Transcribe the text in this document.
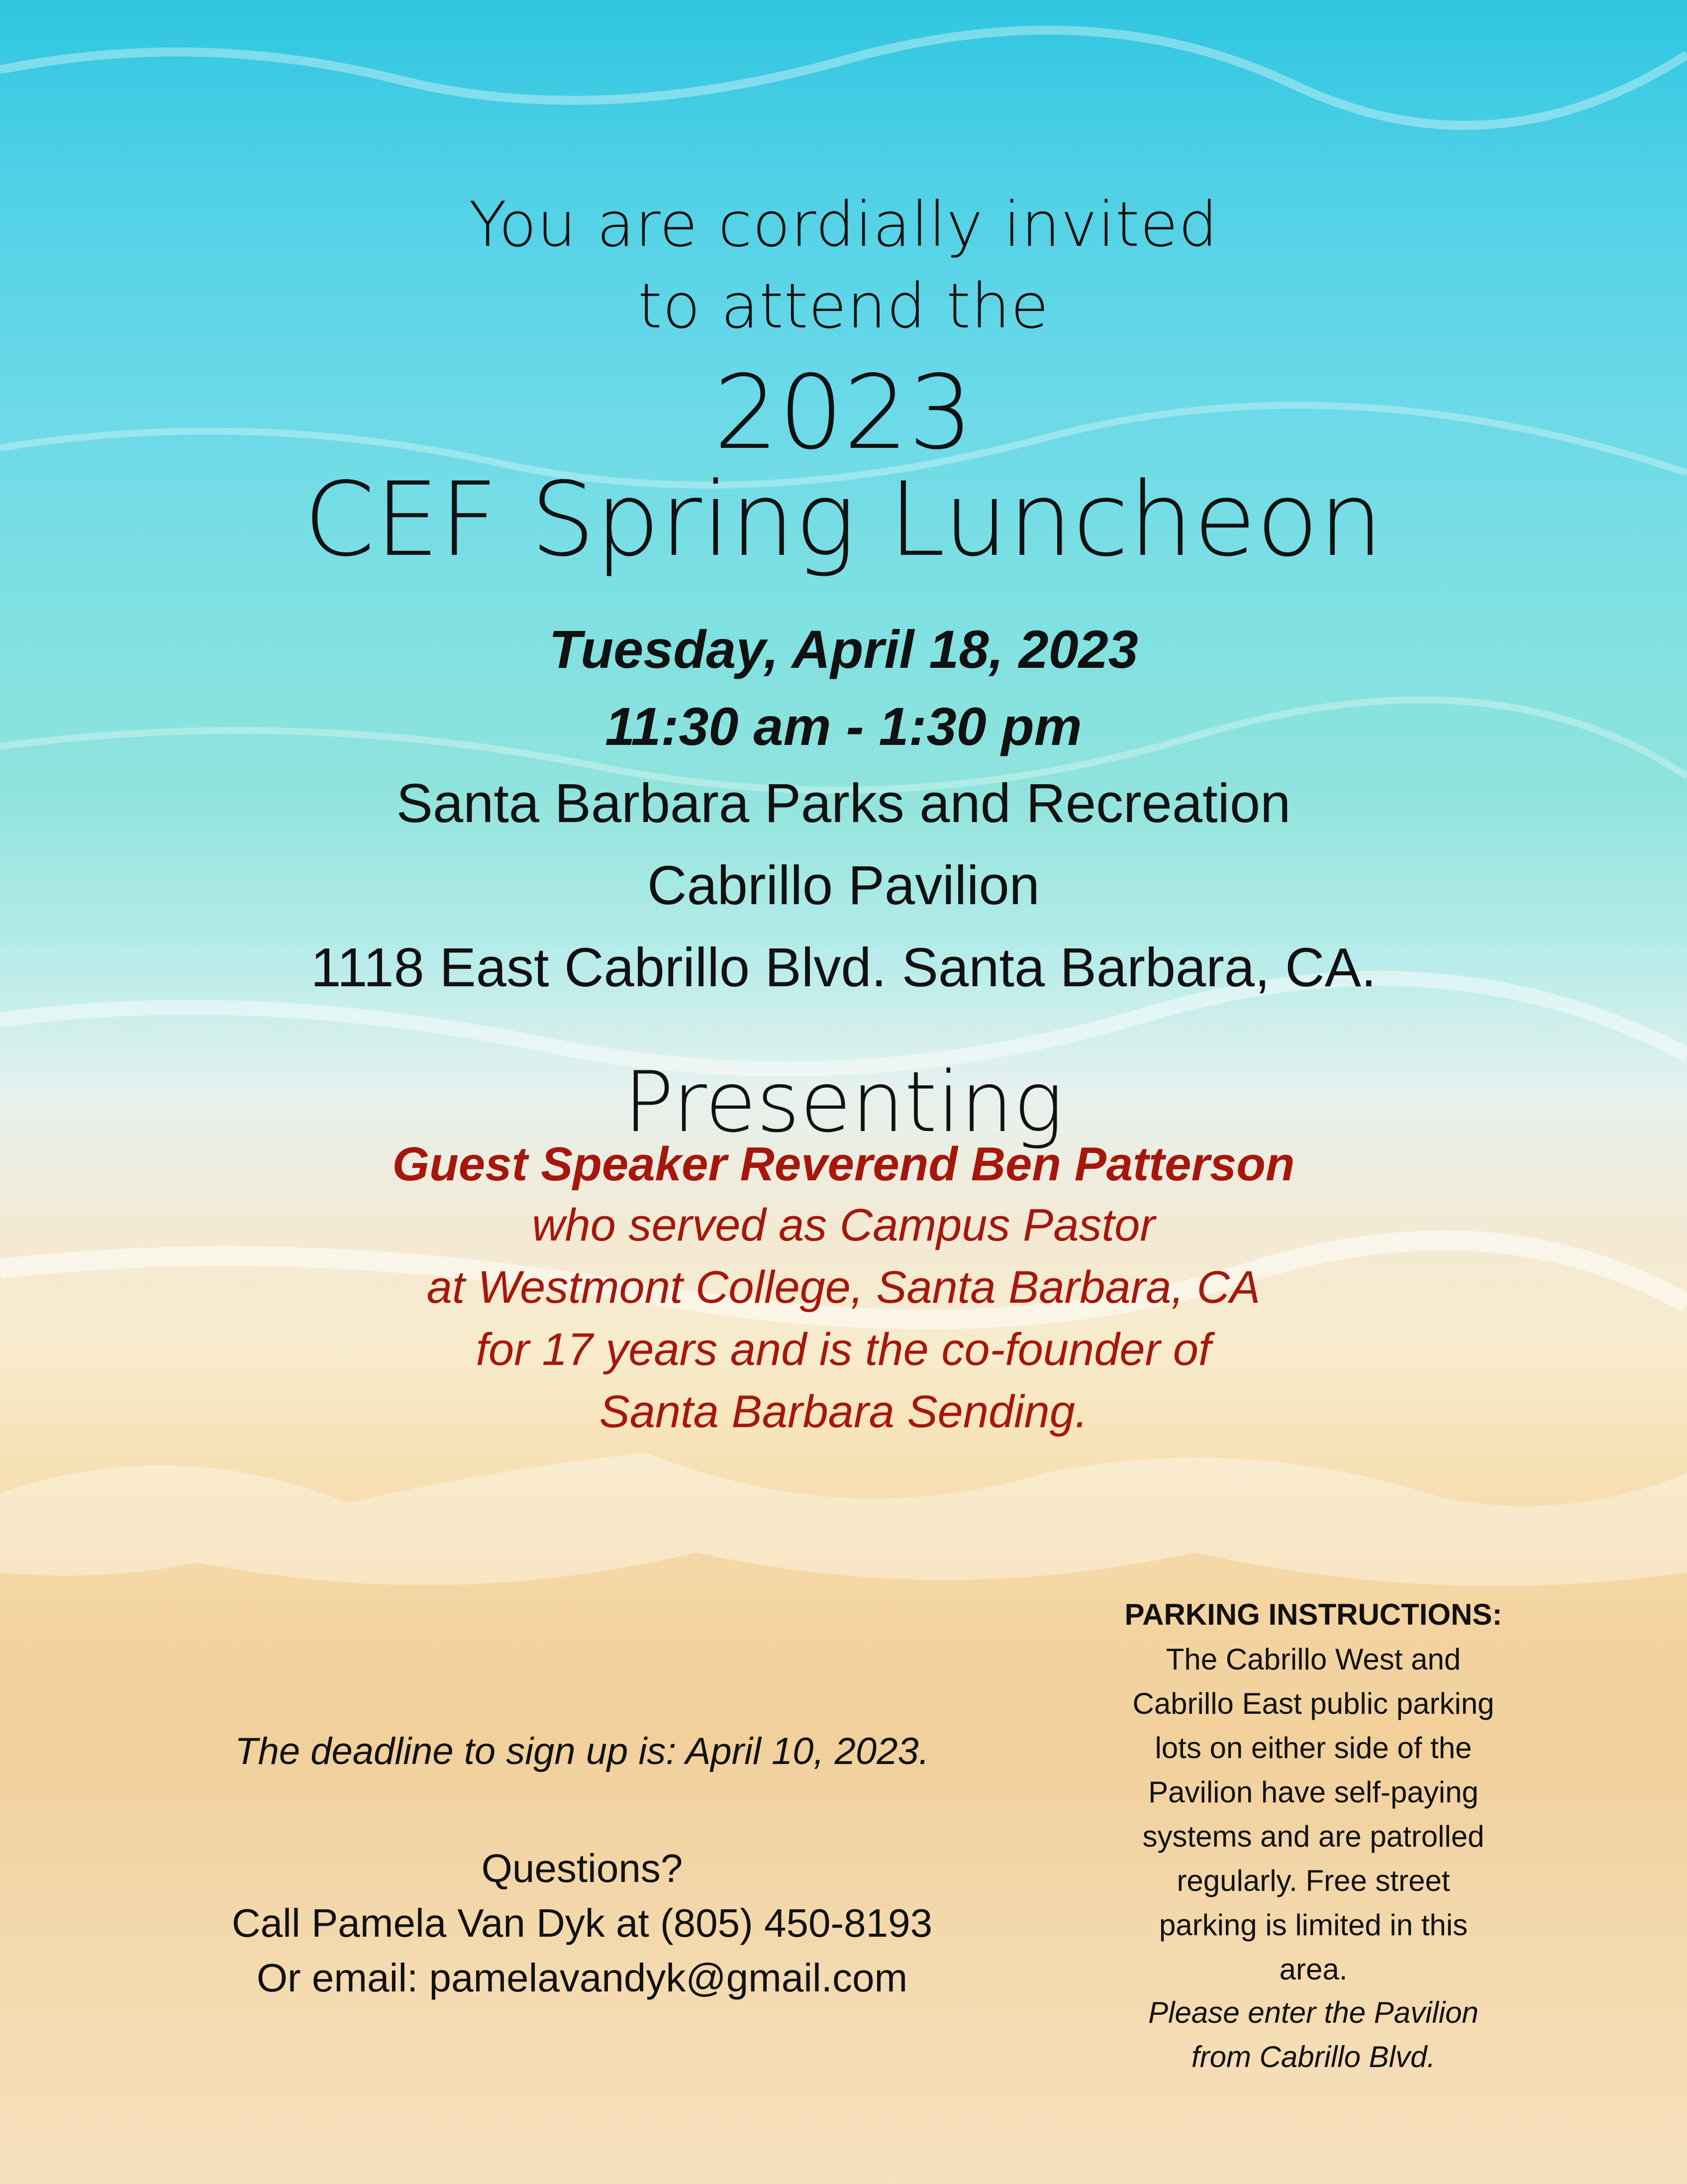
You are cordially invited
to attend the
2023
CEF Spring Luncheon
Tuesday, April 18, 2023
11:30 am - 1:30 pm
Santa Barbara Parks and Recreation
Cabrillo Pavilion
1118 East Cabrillo Blvd. Santa Barbara, CA.
Presenting
Guest Speaker Reverend Ben Patterson
who served as Campus Pastor
at Westmont College, Santa Barbara, CA
for 17 years and is the co-founder of
Santa Barbara Sending.
The deadline to sign up is: April 10, 2023.
Questions?
Call Pamela Van Dyk at (805) 450-8193
Or email: pamelavandyk@gmail.com
PARKING INSTRUCTIONS:
The Cabrillo West and
Cabrillo East public parking
lots on either side of the
Pavilion have self-paying
systems and are patrolled
regularly. Free street
parking is limited in this
area.
Please enter the Pavilion
from Cabrillo Blvd.
